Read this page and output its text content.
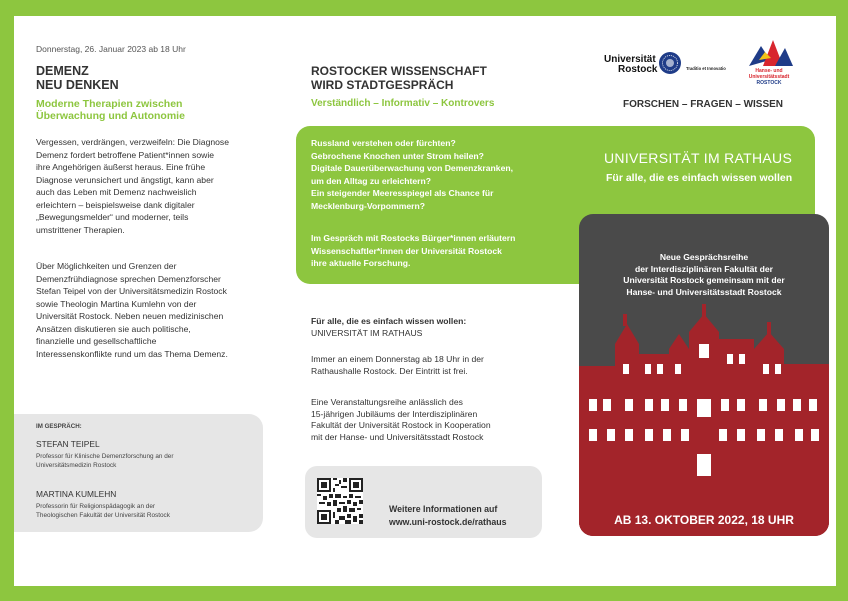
Donnerstag, 26. Januar 2023 ab 18 Uhr
DEMENZ
NEU DENKEN
Moderne Therapien zwischen
Überwachung und Autonomie
Vergessen, verdrängen, verzweifeln: Die Diagnose
Demenz fordert betroffene Patient*innen sowie
ihre Angehörigen äußerst heraus. Eine frühe
Diagnose verunsichert und ängstigt, kann aber
auch das Leben mit Demenz nachweislich
erleichtern – beispielsweise dank digitaler
„Bewegungsmelder“ und moderner, teils
umstrittener Therapien.
Über Möglichkeiten und Grenzen der
Demenzfrühdiagnose sprechen Demenzforscher
Stefan Teipel von der Universitätsmedizin Rostock
sowie Theologin Martina Kumlehn von der
Universität Rostock. Neben neuen medizinischen
Ansätzen diskutieren sie auch politische,
finanzielle und gesellschaftliche
Interessenskonflikte rund um das Thema Demenz.
IM GESPRÄCH:
STEFAN TEIPEL
Professor für Klinische Demenzforschung an der
Universitätsmedizin Rostock
MARTINA KUMLEHN
Professorin für Religionspädagogik an der
Theologischen Fakultät der Universität Rostock
ROSTOCKER WISSENSCHAFT
WIRD STADTGESPRÄCH
Verständlich – Informativ – Kontrovers
Russland verstehen oder fürchten?
Gebrochene Knochen unter Strom heilen?
Digitale Dauerüberwachung von Demenzkranken,
um den Alltag zu erleichtern?
Ein steigender Meeresspiegel als Chance für
Mecklenburg-Vorpommern?
Im Gespräch mit Rostocks Bürger*innen erläutern
Wissenschaftler*innen der Universität Rostock
ihre aktuelle Forschung.
UNIVERSITÄT IM RATHAUS
Für alle, die es einfach wissen wollen
Für alle, die es einfach wissen wollen:
UNIVERSITÄT IM RATHAUS
Immer an einem Donnerstag ab 18 Uhr in der
Rathaushalle Rostock. Der Eintritt ist frei.
Eine Veranstaltungsreihe anlässlich des
15-jährigen Jubiläums der Interdisziplinären
Fakultät der Universität Rostock in Kooperation
mit der Hanse- und Universitätsstadt Rostock
Weitere Informationen auf
www.uni-rostock.de/rathaus
Universität
Rostock	Traditio et Innovatio	Hanse- und Universitätsstadt
ROSTOCK
FORSCHEN – FRAGEN – WISSEN
Neue Gesprächsreihe
der Interdisziplinären Fakultät der
Universität Rostock gemeinsam mit der
Hanse- und Universitätsstadt Rostock
AB 13. OKTOBER 2022, 18 UHR
